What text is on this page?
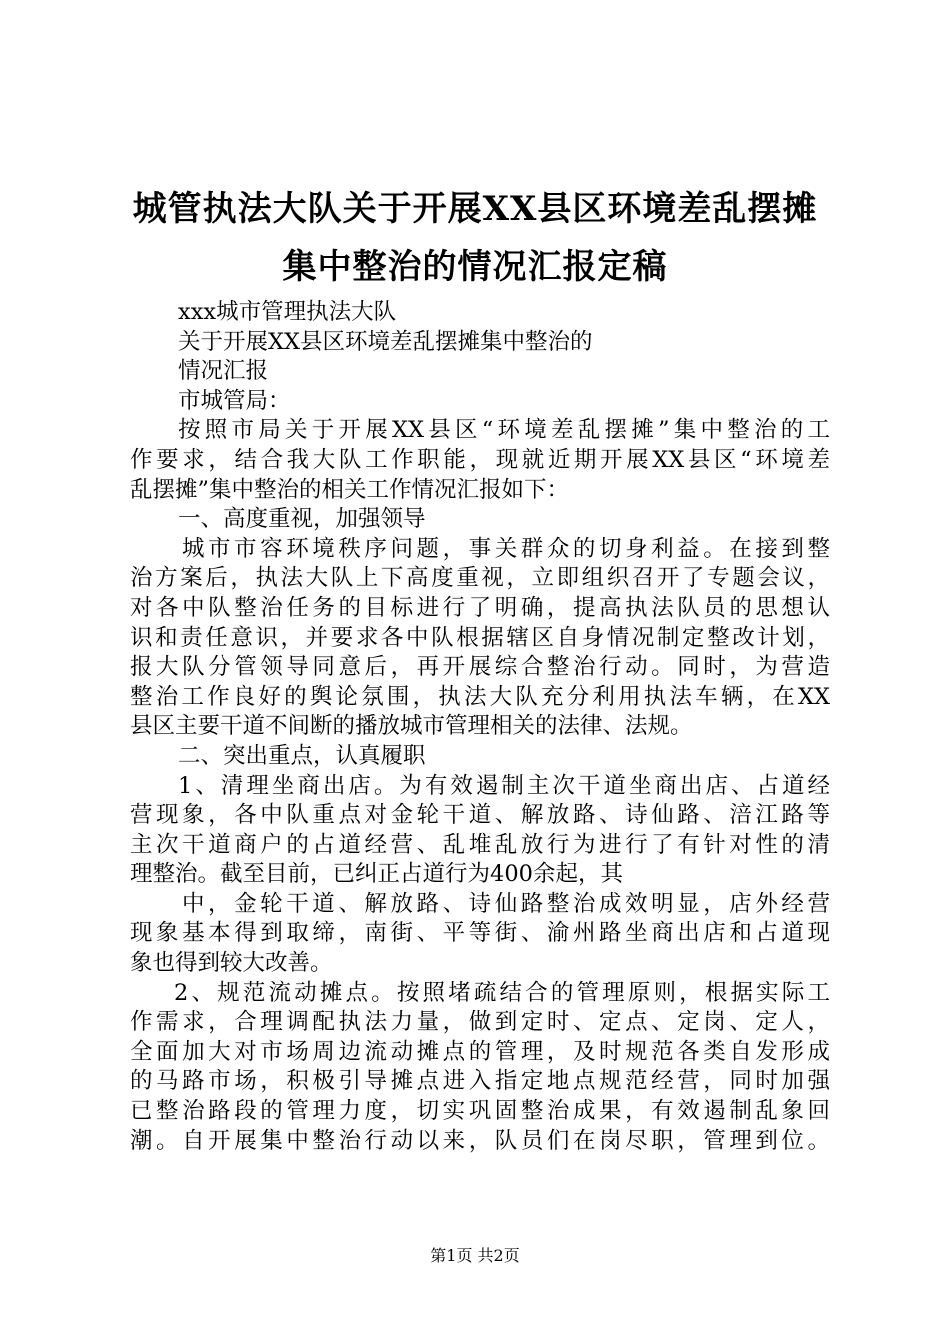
城管执法大队关于开展XX县区环境差乱摆摊
集中整治的情况汇报定稿
xxx城市管理执法大队
关于开展XX县区环境差乱摆摊集中整治的
情况汇报
市城管局：
按照市局关于开展XX县区“环境差乱摆摊”集中整治的工
作要求，结合我大队工作职能，现就近期开展XX县区“环境差
乱摆摊”集中整治的相关工作情况汇报如下：
一、高度重视，加强领导
城市市容环境秩序问题，事关群众的切身利益。在接到整
治方案后，执法大队上下高度重视，立即组织召开了专题会议，
对各中队整治任务的目标进行了明确，提高执法队员的思想认
识和责任意识，并要求各中队根据辖区自身情况制定整改计划，
报大队分管领导同意后，再开展综合整治行动。同时，为营造
整治工作良好的舆论氛围，执法大队充分利用执法车辆，在XX
县区主要干道不间断的播放城市管理相关的法律、法规。
二、突出重点，认真履职
1、清理坐商出店。为有效遏制主次干道坐商出店、占道经
营现象，各中队重点对金轮干道、解放路、诗仙路、涪江路等
主次干道商户的占道经营、乱堆乱放行为进行了有针对性的清
理整治。截至目前，已纠正占道行为400余起，其
中，金轮干道、解放路、诗仙路整治成效明显，店外经营
现象基本得到取缔，南街、平等街、渝州路坐商出店和占道现
象也得到较大改善。
2、规范流动摊点。按照堵疏结合的管理原则，根据实际工
作需求，合理调配执法力量，做到定时、定点、定岗、定人，
全面加大对市场周边流动摊点的管理，及时规范各类自发形成
的马路市场，积极引导摊点进入指定地点规范经营，同时加强
已整治路段的管理力度，切实巩固整治成果，有效遏制乱象回
潮。自开展集中整治行动以来，队员们在岗尽职，管理到位。
第1页 共2页
